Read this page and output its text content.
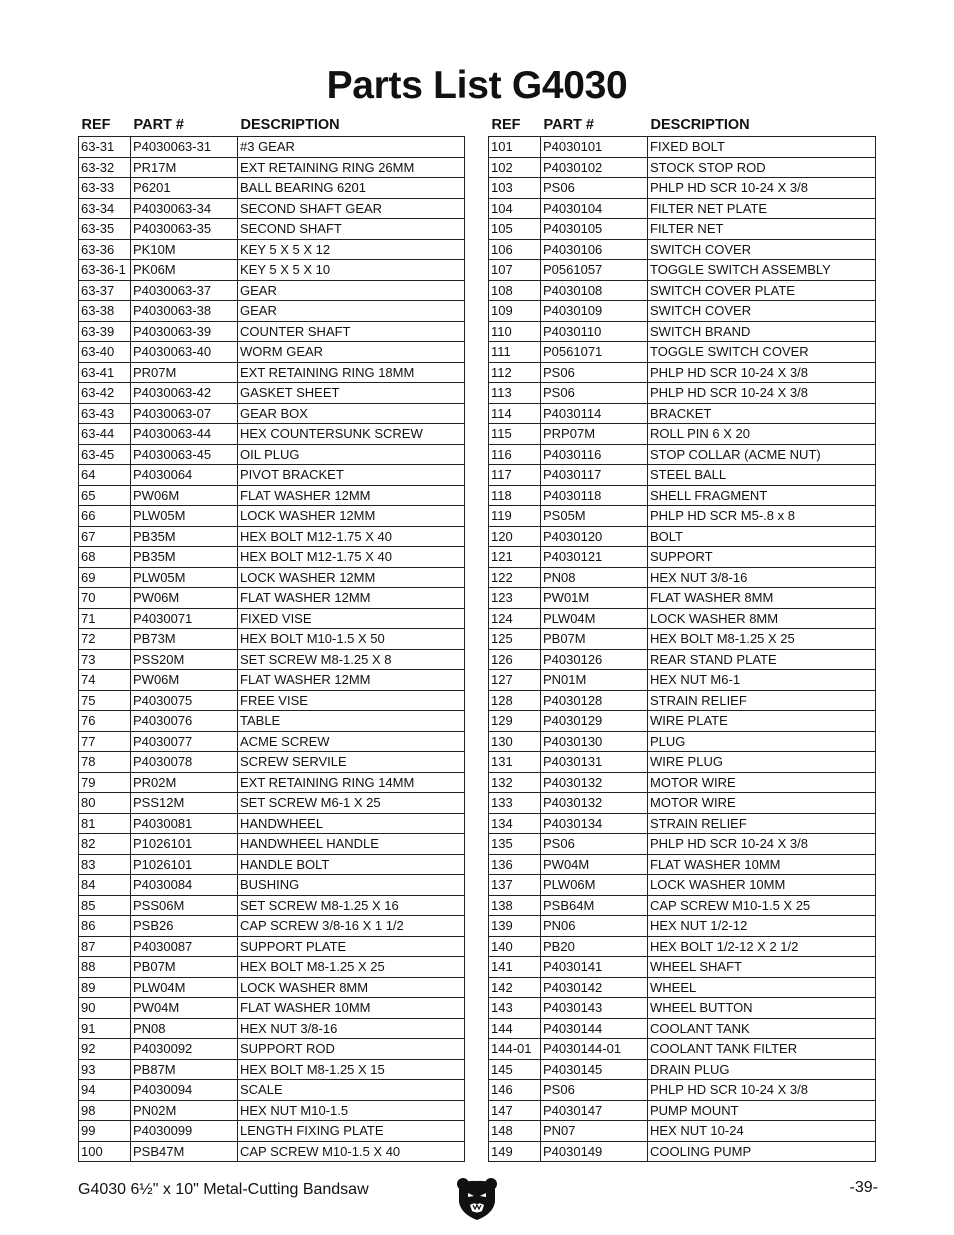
Parts List G4030
REF	PART #	DESCRIPTION
63-31	P4030063-31	#3 GEAR
63-32	PR17M	EXT RETAINING RING 26MM
63-33	P6201	BALL BEARING 6201
63-34	P4030063-34	SECOND SHAFT GEAR
63-35	P4030063-35	SECOND SHAFT
63-36	PK10M	KEY 5 X 5 X 12
63-36-1	PK06M	KEY 5 X 5 X 10
63-37	P4030063-37	GEAR
63-38	P4030063-38	GEAR
63-39	P4030063-39	COUNTER SHAFT
63-40	P4030063-40	WORM GEAR
63-41	PR07M	EXT RETAINING RING 18MM
63-42	P4030063-42	GASKET SHEET
63-43	P4030063-07	GEAR BOX
63-44	P4030063-44	HEX COUNTERSUNK SCREW
63-45	P4030063-45	OIL PLUG
64	P4030064	PIVOT BRACKET
65	PW06M	FLAT WASHER 12MM
66	PLW05M	LOCK WASHER 12MM
67	PB35M	HEX BOLT M12-1.75 X 40
68	PB35M	HEX BOLT M12-1.75 X 40
69	PLW05M	LOCK WASHER 12MM
70	PW06M	FLAT WASHER 12MM
71	P4030071	FIXED VISE
72	PB73M	HEX BOLT M10-1.5 X 50
73	PSS20M	SET SCREW M8-1.25 X 8
74	PW06M	FLAT WASHER 12MM
75	P4030075	FREE VISE
76	P4030076	TABLE
77	P4030077	ACME SCREW
78	P4030078	SCREW SERVILE
79	PR02M	EXT RETAINING RING 14MM
80	PSS12M	SET SCREW M6-1 X 25
81	P4030081	HANDWHEEL
82	P1026101	HANDWHEEL HANDLE
83	P1026101	HANDLE BOLT
84	P4030084	BUSHING
85	PSS06M	SET SCREW M8-1.25 X 16
86	PSB26	CAP SCREW 3/8-16 X 1 1/2
87	P4030087	SUPPORT PLATE
88	PB07M	HEX BOLT M8-1.25 X 25
89	PLW04M	LOCK WASHER 8MM
90	PW04M	FLAT WASHER 10MM
91	PN08	HEX NUT 3/8-16
92	P4030092	SUPPORT ROD
93	PB87M	HEX BOLT M8-1.25 X 15
94	P4030094	SCALE
98	PN02M	HEX NUT M10-1.5
99	P4030099	LENGTH FIXING PLATE
100	PSB47M	CAP SCREW M10-1.5 X 40
REF	PART #	DESCRIPTION
101	P4030101	FIXED BOLT
102	P4030102	STOCK STOP ROD
103	PS06	PHLP HD SCR 10-24 X 3/8
104	P4030104	FILTER NET PLATE
105	P4030105	FILTER NET
106	P4030106	SWITCH COVER
107	P0561057	TOGGLE SWITCH ASSEMBLY
108	P4030108	SWITCH COVER PLATE
109	P4030109	SWITCH COVER
110	P4030110	SWITCH BRAND
111	P0561071	TOGGLE SWITCH COVER
112	PS06	PHLP HD SCR 10-24 X 3/8
113	PS06	PHLP HD SCR 10-24 X 3/8
114	P4030114	BRACKET
115	PRP07M	ROLL PIN 6 X 20
116	P4030116	STOP COLLAR (ACME NUT)
117	P4030117	STEEL BALL
118	P4030118	SHELL FRAGMENT
119	PS05M	PHLP HD SCR M5-.8 x 8
120	P4030120	BOLT
121	P4030121	SUPPORT
122	PN08	HEX NUT 3/8-16
123	PW01M	FLAT WASHER 8MM
124	PLW04M	LOCK WASHER 8MM
125	PB07M	HEX BOLT M8-1.25 X 25
126	P4030126	REAR STAND PLATE
127	PN01M	HEX NUT M6-1
128	P4030128	STRAIN RELIEF
129	P4030129	WIRE PLATE
130	P4030130	PLUG
131	P4030131	WIRE PLUG
132	P4030132	MOTOR WIRE
133	P4030132	MOTOR WIRE
134	P4030134	STRAIN RELIEF
135	PS06	PHLP HD SCR 10-24 X 3/8
136	PW04M	FLAT WASHER 10MM
137	PLW06M	LOCK WASHER 10MM
138	PSB64M	CAP SCREW M10-1.5 X 25
139	PN06	HEX NUT 1/2-12
140	PB20	HEX BOLT 1/2-12 X 2 1/2
141	P4030141	WHEEL SHAFT
142	P4030142	WHEEL
143	P4030143	WHEEL BUTTON
144	P4030144	COOLANT TANK
144-01	P4030144-01	COOLANT TANK FILTER
145	P4030145	DRAIN PLUG
146	PS06	PHLP HD SCR 10-24 X 3/8
147	P4030147	PUMP MOUNT
148	PN07	HEX NUT 10-24
149	P4030149	COOLING PUMP
G4030 6½" x 10" Metal-Cutting Bandsaw	-39-
